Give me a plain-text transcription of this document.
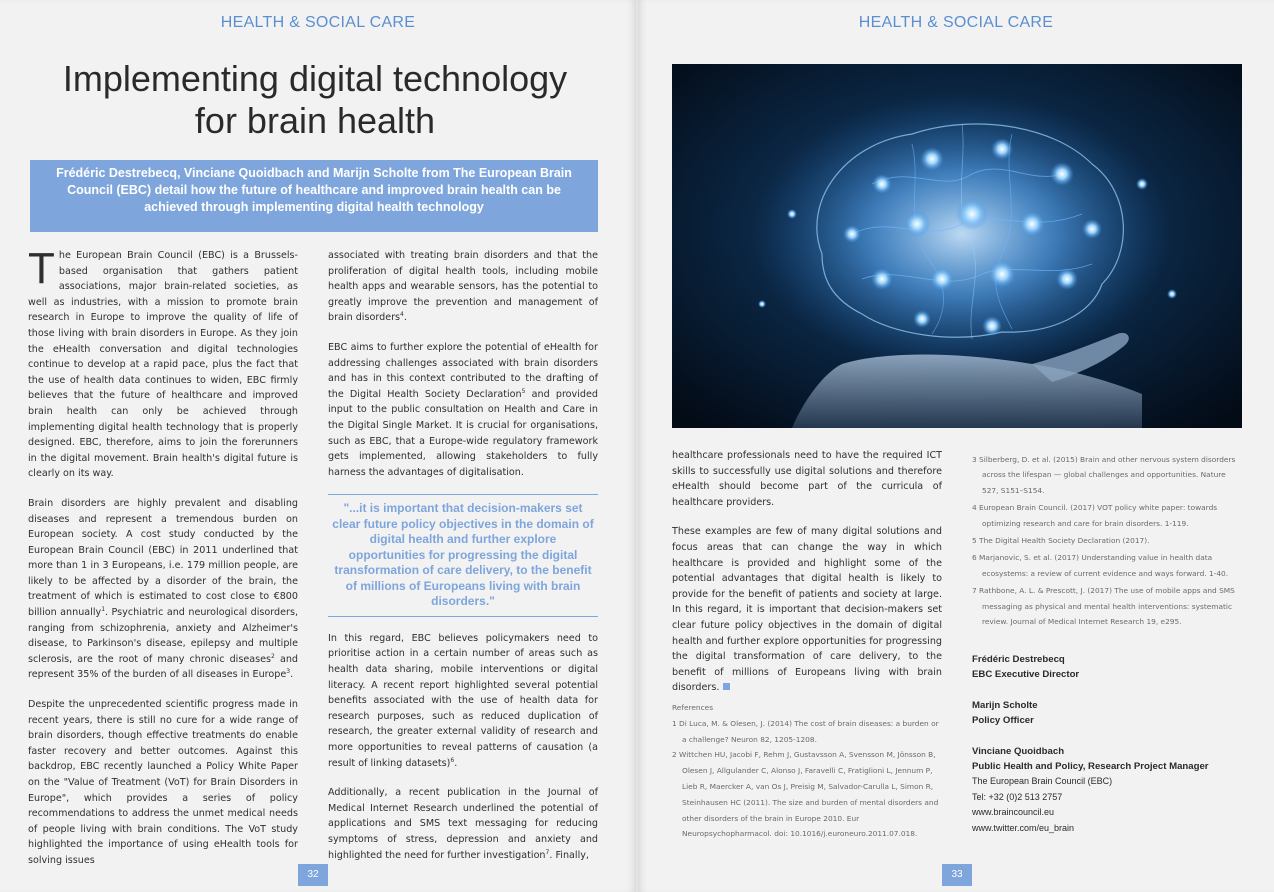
HEALTH & SOCIAL CARE
Implementing digital technology
for brain health
Frédéric Destrebecq, Vinciane Quoidbach and Marijn Scholte from The European Brain Council (EBC) detail how the future of healthcare and improved brain health can be achieved through implementing digital health technology

The European Brain Council (EBC) is a Brussels-based organisation that gathers patient associations, major brain-related societies, as well as industries, with a mission to promote brain research in Europe to improve the quality of life of those living with brain disorders in Europe. As they join the eHealth conversation and digital technologies continue to develop at a rapid pace, plus the fact that the use of health data continues to widen, EBC firmly believes that the future of healthcare and improved brain health can only be achieved through implementing digital health technology that is properly designed. EBC, therefore, aims to join the forerunners in the digital movement. Brain health's digital future is clearly on its way.

Brain disorders are highly prevalent and disabling diseases and represent a tremendous burden on European society. A cost study conducted by the European Brain Council (EBC) in 2011 underlined that more than 1 in 3 Europeans, i.e. 179 million people, are likely to be affected by a disorder of the brain, the treatment of which is estimated to cost close to €800 billion annually$^1$. Psychiatric and neurological disorders, ranging from schizophrenia, anxiety and Alzheimer's disease, to Parkinson's disease, epilepsy and multiple sclerosis, are the root of many chronic diseases$^2$ and represent 35% of the burden of all diseases in Europe$^3$.

Despite the unprecedented scientific progress made in recent years, there is still no cure for a wide range of brain disorders, though effective treatments do enable faster recovery and better outcomes. Against this backdrop, EBC recently launched a Policy White Paper on the "Value of Treatment (VoT) for Brain Disorders in Europe", which provides a series of policy recommendations to address the unmet medical needs of people living with brain conditions. The VoT study highlighted the importance of using eHealth tools for solving issues

associated with treating brain disorders and that the proliferation of digital health tools, including mobile health apps and wearable sensors, has the potential to greatly improve the prevention and management of brain disorders$^4$.

EBC aims to further explore the potential of eHealth for addressing challenges associated with brain disorders and has in this context contributed to the drafting of the Digital Health Society Declaration$^5$ and provided input to the public consultation on Health and Care in the Digital Single Market. It is crucial for organisations, such as EBC, that a Europe-wide regulatory framework gets implemented, allowing stakeholders to fully harness the advantages of digitalisation.

"...it is important that decision-makers set clear future policy objectives in the domain of digital health and further explore opportunities for progressing the digital transformation of care delivery, to the benefit of millions of Europeans living with brain disorders."

In this regard, EBC believes policymakers need to prioritise action in a certain number of areas such as health data sharing, mobile interventions or digital literacy. A recent report highlighted several potential benefits associated with the use of health data for research purposes, such as reduced duplication of research, the greater external validity of research and more opportunities to reveal patterns of causation (a result of linking datasets)$^6$.

Additionally, a recent publication in the Journal of Medical Internet Research underlined the potential of applications and SMS text messaging for reducing symptoms of stress, depression and anxiety and highlighted the need for further investigation$^7$. Finally,

32
HEALTH & SOCIAL CARE

healthcare professionals need to have the required ICT skills to successfully use digital solutions and therefore eHealth should become part of the curricula of healthcare providers.

These examples are few of many digital solutions and focus areas that can change the way in which healthcare is provided and highlight some of the potential advantages that digital health is likely to provide for the benefit of patients and society at large. In this regard, it is important that decision-makers set clear future policy objectives in the domain of digital health and further explore opportunities for progressing the digital transformation of care delivery, to the benefit of millions of Europeans living with brain disorders.

References

1 Di Luca, M. & Olesen, J. (2014) The cost of brain diseases: a burden or a challenge? Neuron 82, 1205-1208.

2 Wittchen HU, Jacobi F, Rehm J, Gustavsson A, Svensson M, Jönsson B, Olesen J, Allgulander C, Alonso J, Faravelli C, Fratiglioni L, Jennum P, Lieb R, Maercker A, van Os J, Preisig M, Salvador-Carulla L, Simon R, Steinhausen HC (2011). The size and burden of mental disorders and other disorders of the brain in Europe 2010. Eur Neuropsychopharmacol. doi: 10.1016/j.euroneuro.2011.07.018.

3 Silberberg, D. et al. (2015) Brain and other nervous system disorders across the lifespan — global challenges and opportunities. Nature 527, S151–S154.

4 European Brain Council. (2017) VOT policy white paper: towards optimizing research and care for brain disorders. 1-119.

5 The Digital Health Society Declaration (2017).

6 Marjanovic, S. et al. (2017) Understanding value in health data ecosystems: a review of current evidence and ways forward. 1-40.

7 Rathbone, A. L. & Prescott, J. (2017) The use of mobile apps and SMS messaging as physical and mental health interventions: systematic review. Journal of Medical Internet Research 19, e295.

Frédéric Destrebecq
EBC Executive Director
Marijn Scholte
Policy Officer
Vinciane Quoidbach
Public Health and Policy, Research Project Manager
The European Brain Council (EBC)
Tel: +32 (0)2 513 2757
www.braincouncil.eu
www.twitter.com/eu_brain
33
